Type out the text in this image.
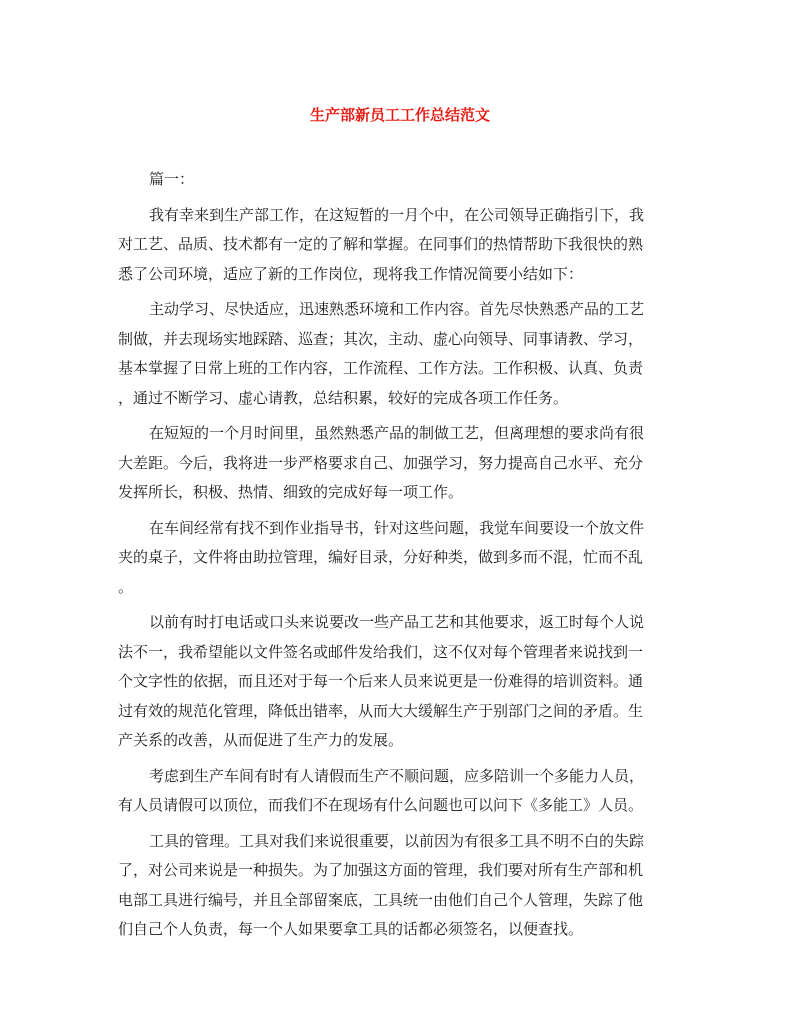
生产部新员工工作总结范文

篇一：

我有幸来到生产部工作，在这短暂的一月个中，在公司领导正确指引下，我
对工艺、品质、技术都有一定的了解和掌握。在同事们的热情帮助下我很快的熟
悉了公司环境，适应了新的工作岗位，现将我工作情况简要小结如下：

主动学习、尽快适应，迅速熟悉环境和工作内容。首先尽快熟悉产品的工艺
制做，并去现场实地踩踏、巡查；其次，主动、虚心向领导、同事请教、学习，
基本掌握了日常上班的工作内容，工作流程、工作方法。工作积极、认真、负责
，通过不断学习、虚心请教，总结积累，较好的完成各项工作任务。

在短短的一个月时间里，虽然熟悉产品的制做工艺，但离理想的要求尚有很
大差距。今后，我将进一步严格要求自己、加强学习，努力提高自己水平、充分
发挥所长，积极、热情、细致的完成好每一项工作。

在车间经常有找不到作业指导书，针对这些问题，我觉车间要设一个放文件
夹的桌子，文件将由助拉管理，编好目录，分好种类，做到多而不混，忙而不乱
。

以前有时打电话或口头来说要改一些产品工艺和其他要求，返工时每个人说
法不一，我希望能以文件签名或邮件发给我们，这不仅对每个管理者来说找到一
个文字性的依据，而且还对于每一个后来人员来说更是一份难得的培训资料。通
过有效的规范化管理，降低出错率，从而大大缓解生产于别部门之间的矛盾。生
产关系的改善，从而促进了生产力的发展。

考虑到生产车间有时有人请假而生产不顺问题，应多陪训一个多能力人员，
有人员请假可以顶位，而我们不在现场有什么问题也可以问下《多能工》人员。

工具的管理。工具对我们来说很重要，以前因为有很多工具不明不白的失踪
了，对公司来说是一种损失。为了加强这方面的管理，我们要对所有生产部和机
电部工具进行编号，并且全部留案底，工具统一由他们自己个人管理，失踪了他
们自己个人负责，每一个人如果要拿工具的话都必须签名，以便查找。
